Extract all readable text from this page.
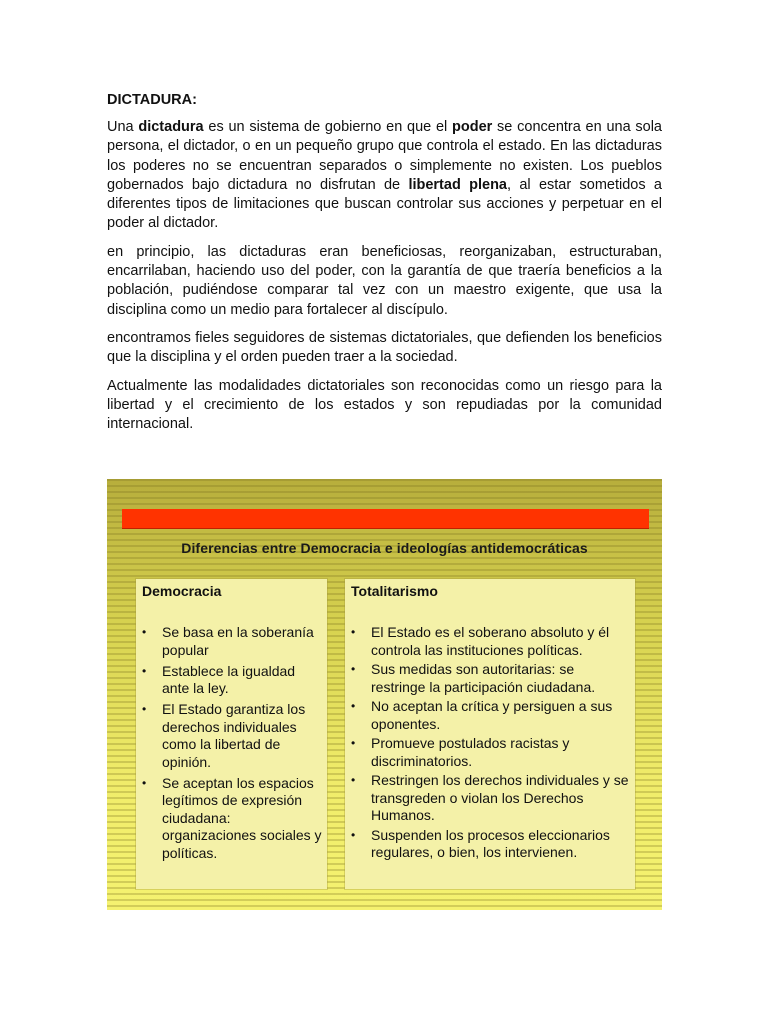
DICTADURA:

Una dictadura es un sistema de gobierno en que el poder se concentra en una sola persona, el dictador, o en un pequeño grupo que controla el estado. En las dictaduras los poderes no se encuentran separados o simplemente no existen. Los pueblos gobernados bajo dictadura no disfrutan de libertad plena, al estar sometidos a diferentes tipos de limitaciones que buscan controlar sus acciones y perpetuar en el poder al dictador.

en principio, las dictaduras eran beneficiosas, reorganizaban, estructuraban, encarrilaban, haciendo uso del poder, con la garantía de que traería beneficios a la población, pudiéndose comparar tal vez con un maestro exigente, que usa la disciplina como un medio para fortalecer al discípulo.

encontramos fieles seguidores de sistemas dictatoriales, que defienden los beneficios que la disciplina y el orden pueden traer a la sociedad.

Actualmente las modalidades dictatoriales son reconocidas como un riesgo para la libertad y el crecimiento de los estados y son repudiadas por la comunidad internacional.

Diferencias entre Democracia e ideologías antidemocráticas
Democracia
• Se basa en la soberanía popular
• Establece la igualdad ante la ley.
• El Estado garantiza los derechos individuales como la libertad de opinión.
• Se aceptan los espacios legítimos de expresión ciudadana: organizaciones sociales y políticas.
Totalitarismo
• El Estado es el soberano absoluto y él controla las instituciones políticas.
• Sus medidas son autoritarias: se restringe la participación ciudadana.
• No aceptan la crítica y persiguen a sus oponentes.
• Promueve postulados racistas y discriminatorios.
• Restringen los derechos individuales y se transgreden o violan los Derechos Humanos.
• Suspenden los procesos eleccionarios regulares, o bien, los intervienen.
